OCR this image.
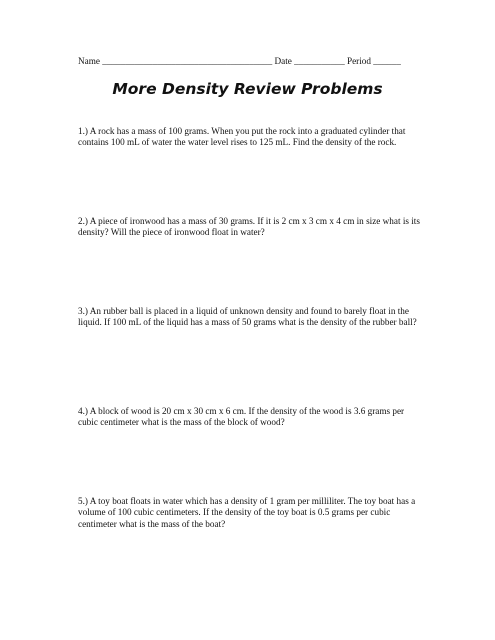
Name _____________________________________ Date ___________ Period ______
More Density Review Problems

1.) A rock has a mass of 100 grams. When you put the rock into a graduated cylinder that contains 100 mL of water the water level rises to 125 mL. Find the density of the rock.

2.) A piece of ironwood has a mass of 30 grams. If it is 2 cm x 3 cm x 4 cm in size what is its density? Will the piece of ironwood float in water?

3.) An rubber ball is placed in a liquid of unknown density and found to barely float in the liquid. If 100 mL of the liquid has a mass of 50 grams what is the density of the rubber ball?

4.) A block of wood is 20 cm x 30 cm x 6 cm. If the density of the wood is 3.6 grams per cubic centimeter what is the mass of the block of wood?

5.) A toy boat floats in water which has a density of 1 gram per milliliter. The toy boat has a volume of 100 cubic centimeters. If the density of the toy boat is 0.5 grams per cubic centimeter what is the mass of the boat?
